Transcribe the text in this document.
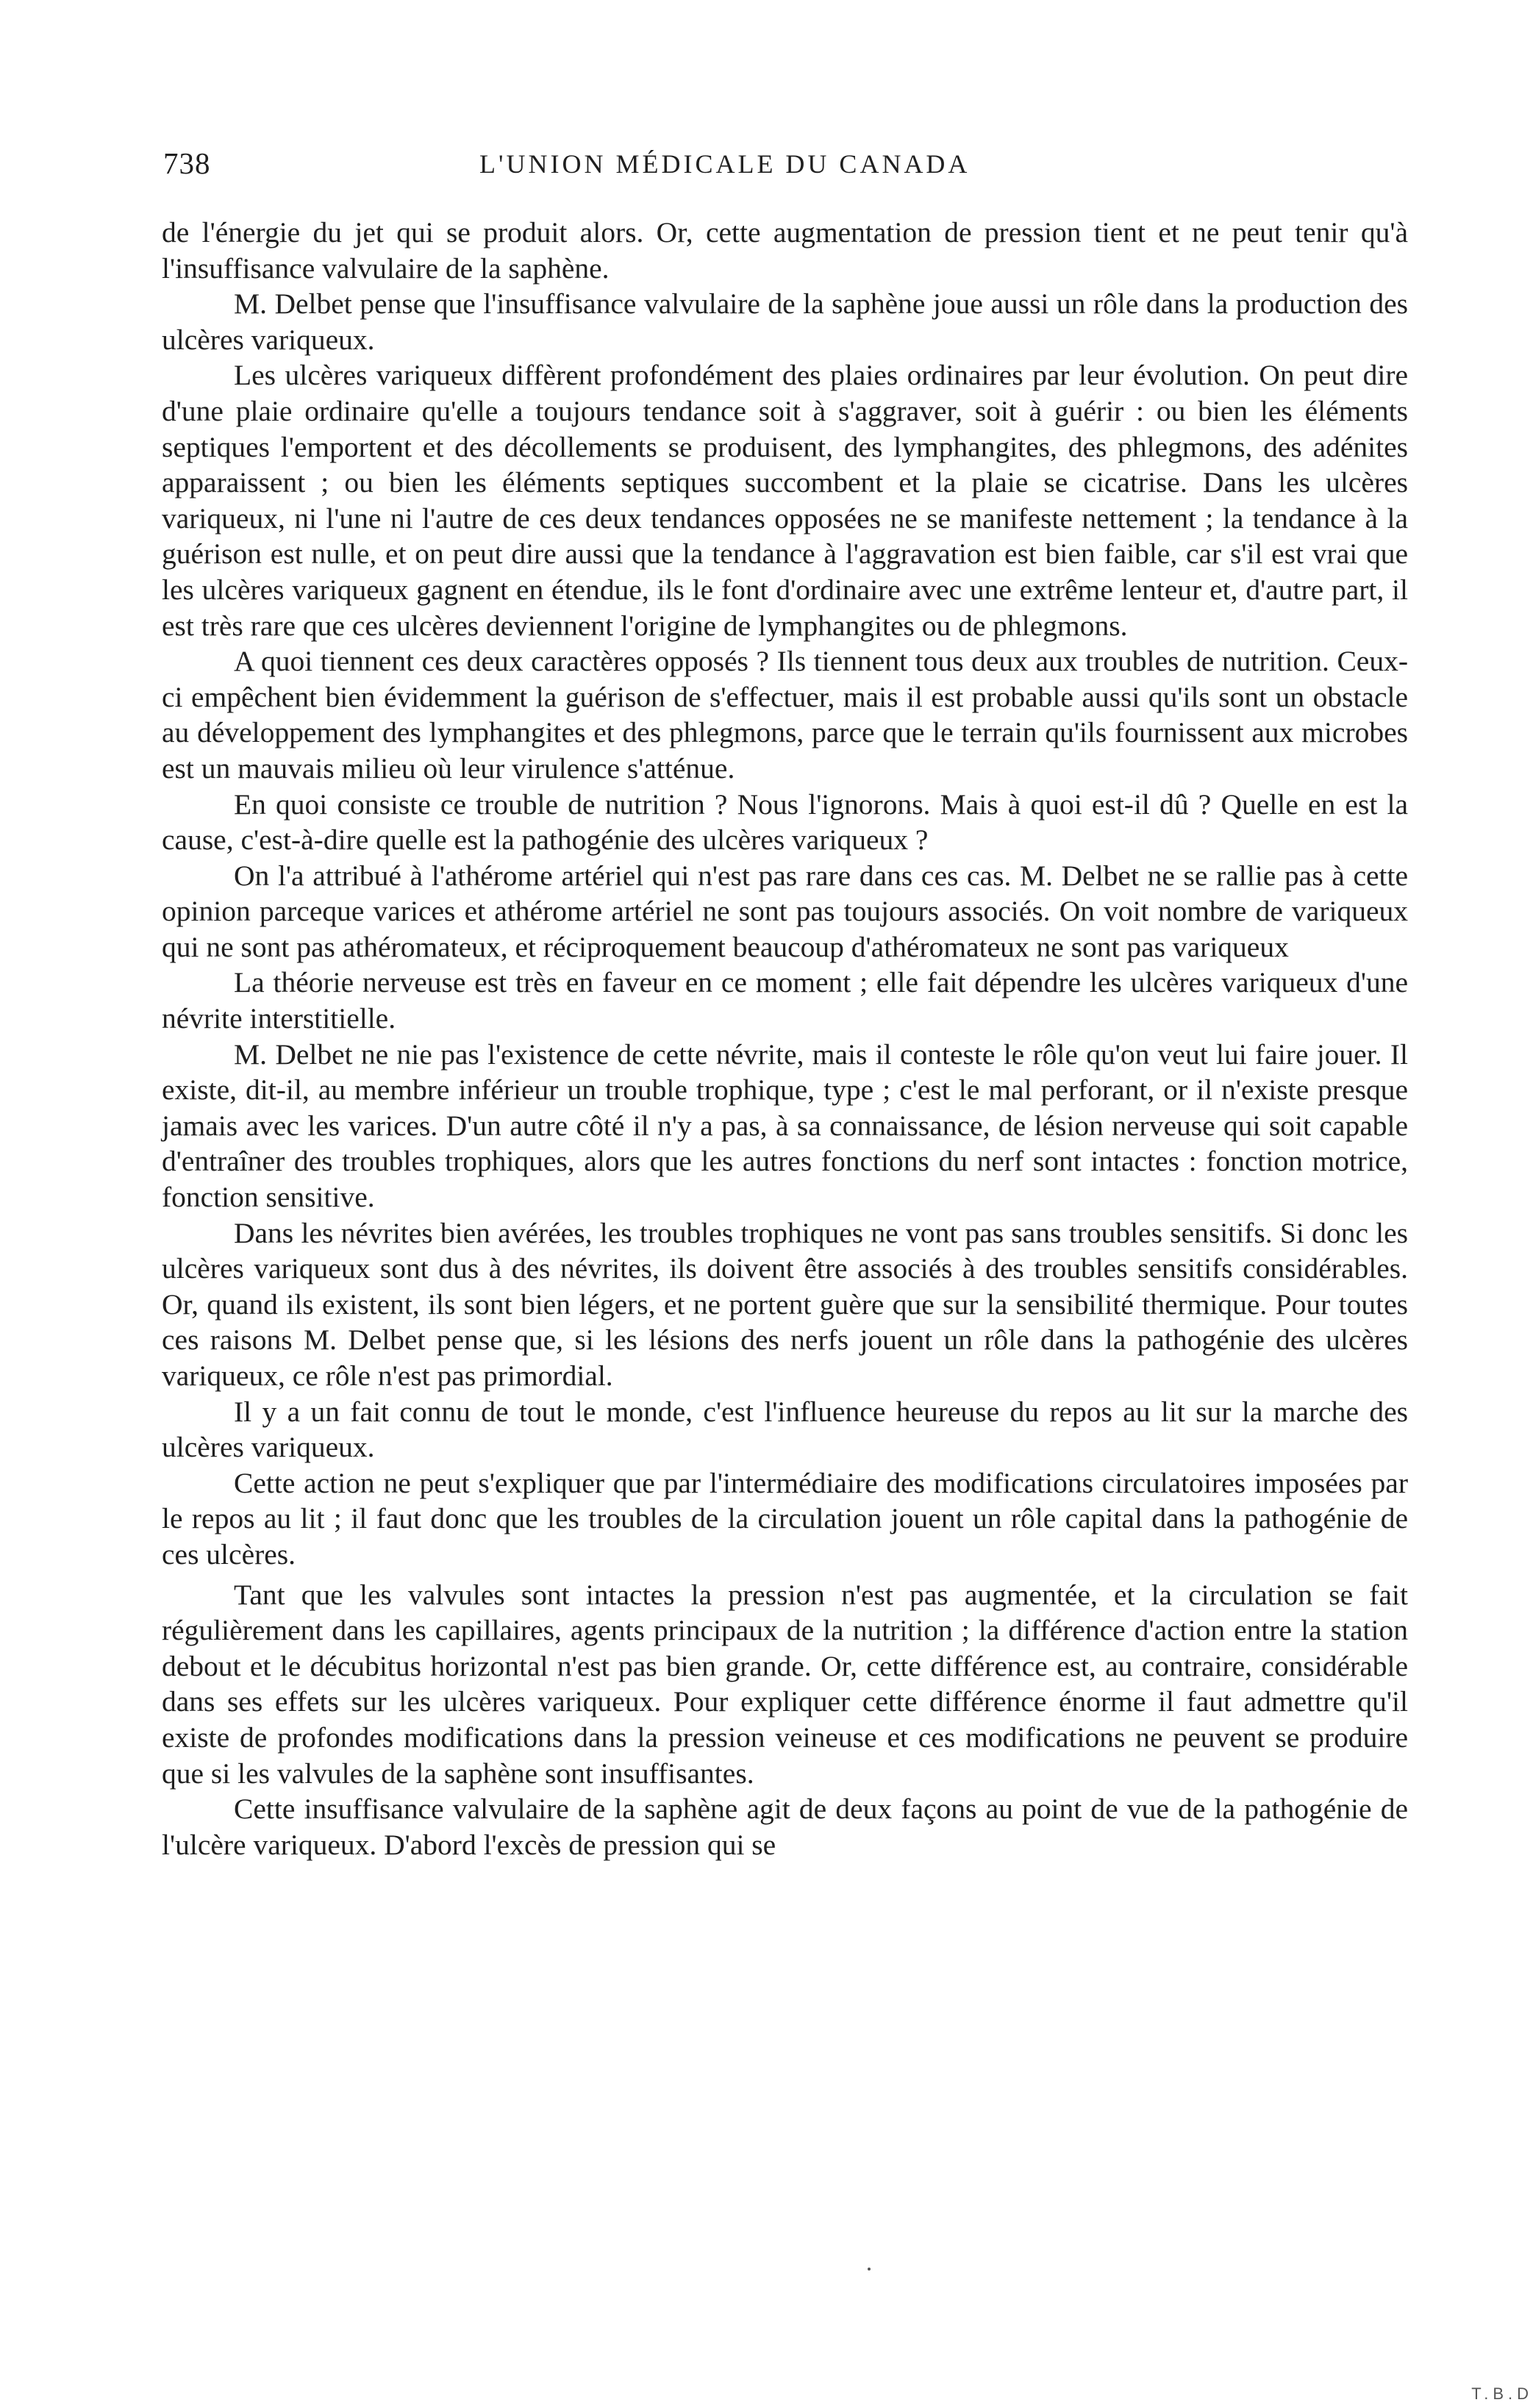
738	L'UNION MÉDICALE DU CANADA

de l'énergie du jet qui se produit alors. Or, cette augmentation de pression tient et ne peut tenir qu'à l'insuffisance valvulaire de la saphène.

M. Delbet pense que l'insuffisance valvulaire de la saphène joue aussi un rôle dans la production des ulcères variqueux.

Les ulcères variqueux diffèrent profondément des plaies ordinaires par leur évolution. On peut dire d'une plaie ordinaire qu'elle a toujours tendance soit à s'aggraver, soit à guérir : ou bien les éléments septiques l'emportent et des décollements se produisent, des lymphangites, des phlegmons, des adénites apparaissent ; ou bien les éléments septiques succombent et la plaie se cicatrise. Dans les ulcères variqueux, ni l'une ni l'autre de ces deux tendances opposées ne se manifeste nettement ; la tendance à la guérison est nulle, et on peut dire aussi que la tendance à l'aggravation est bien faible, car s'il est vrai que les ulcères variqueux gagnent en étendue, ils le font d'ordinaire avec une extrême lenteur et, d'autre part, il est très rare que ces ulcères deviennent l'origine de lymphangites ou de phlegmons.

A quoi tiennent ces deux caractères opposés ? Ils tiennent tous deux aux troubles de nutrition. Ceux-ci empêchent bien évidemment la guérison de s'effectuer, mais il est probable aussi qu'ils sont un obstacle au développement des lymphangites et des phlegmons, parce que le terrain qu'ils fournissent aux microbes est un mauvais milieu où leur virulence s'atténue.

En quoi consiste ce trouble de nutrition ? Nous l'ignorons. Mais à quoi est-il dû ? Quelle en est la cause, c'est-à-dire quelle est la pathogénie des ulcères variqueux ?

On l'a attribué à l'athérome artériel qui n'est pas rare dans ces cas. M. Delbet ne se rallie pas à cette opinion parceque varices et athérome artériel ne sont pas toujours associés. On voit nombre de variqueux qui ne sont pas athéromateux, et réciproquement beaucoup d'athéromateux ne sont pas variqueux

La théorie nerveuse est très en faveur en ce moment ; elle fait dépendre les ulcères variqueux d'une névrite interstitielle.

M. Delbet ne nie pas l'existence de cette névrite, mais il conteste le rôle qu'on veut lui faire jouer. Il existe, dit-il, au membre inférieur un trouble trophique, type ; c'est le mal perforant, or il n'existe presque jamais avec les varices. D'un autre côté il n'y a pas, à sa connaissance, de lésion nerveuse qui soit capable d'entraîner des troubles trophiques, alors que les autres fonctions du nerf sont intactes : fonction motrice, fonction sensitive.

Dans les névrites bien avérées, les troubles trophiques ne vont pas sans troubles sensitifs. Si donc les ulcères variqueux sont dus à des névrites, ils doivent être associés à des troubles sensitifs considérables. Or, quand ils existent, ils sont bien légers, et ne portent guère que sur la sensibilité thermique. Pour toutes ces raisons M. Delbet pense que, si les lésions des nerfs jouent un rôle dans la pathogénie des ulcères variqueux, ce rôle n'est pas primordial.

Il y a un fait connu de tout le monde, c'est l'influence heureuse du repos au lit sur la marche des ulcères variqueux.

Cette action ne peut s'expliquer que par l'intermédiaire des modifications circulatoires imposées par le repos au lit ; il faut donc que les troubles de la circulation jouent un rôle capital dans la pathogénie de ces ulcères.

Tant que les valvules sont intactes la pression n'est pas augmentée, et la circulation se fait régulièrement dans les capillaires, agents principaux de la nutrition ; la différence d'action entre la station debout et le décubitus horizontal n'est pas bien grande. Or, cette différence est, au contraire, considérable dans ses effets sur les ulcères variqueux. Pour expliquer cette différence énorme il faut admettre qu'il existe de profondes modifications dans la pression veineuse et ces modifications ne peuvent se produire que si les valvules de la saphène sont insuffisantes.

Cette insuffisance valvulaire de la saphène agit de deux façons au point de vue de la pathogénie de l'ulcère variqueux. D'abord l'excès de pression qui se

T.B.D
